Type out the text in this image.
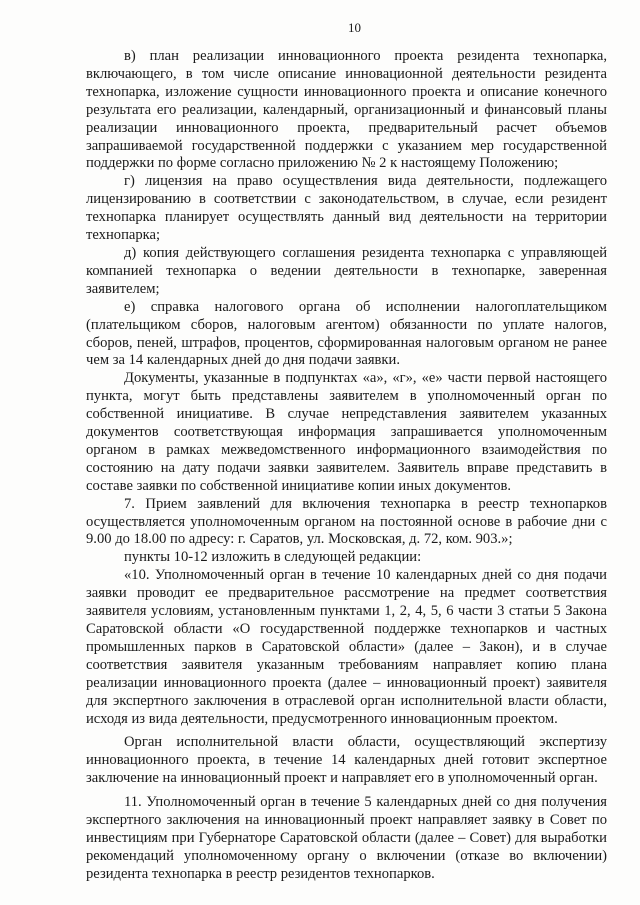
10

в) план реализации инновационного проекта резидента технопарка, включающего, в том числе описание инновационной деятельности резидента технопарка, изложение сущности инновационного проекта и описание конечного результата его реализации, календарный, организационный и финансовый планы реализации инновационного проекта, предварительный расчет объемов запрашиваемой государственной поддержки с указанием мер государственной поддержки по форме согласно приложению № 2 к настоящему Положению;

г) лицензия на право осуществления вида деятельности, подлежащего лицензированию в соответствии с законодательством, в случае, если резидент технопарка планирует осуществлять данный вид деятельности на территории технопарка;

д) копия действующего соглашения резидента технопарка с управляющей компанией технопарка о ведении деятельности в технопарке, заверенная заявителем;

е) справка налогового органа об исполнении налогоплательщиком (плательщиком сборов, налоговым агентом) обязанности по уплате налогов, сборов, пеней, штрафов, процентов, сформированная налоговым органом не ранее чем за 14 календарных дней до дня подачи заявки.

Документы, указанные в подпунктах «а», «г», «е» части первой настоящего пункта, могут быть представлены заявителем в уполномоченный орган по собственной инициативе. В случае непредставления заявителем указанных документов соответствующая информация запрашивается уполномоченным органом в рамках межведомственного информационного взаимодействия по состоянию на дату подачи заявки заявителем. Заявитель вправе представить в составе заявки по собственной инициативе копии иных документов.

7. Прием заявлений для включения технопарка в реестр технопарков осуществляется уполномоченным органом на постоянной основе в рабочие дни с 9.00 до 18.00 по адресу: г. Саратов, ул. Московская, д. 72, ком. 903.»;

пункты 10-12 изложить в следующей редакции:

«10. Уполномоченный орган в течение 10 календарных дней со дня подачи заявки проводит ее предварительное рассмотрение на предмет соответствия заявителя условиям, установленным пунктами 1, 2, 4, 5, 6 части 3 статьи 5 Закона Саратовской области «О государственной поддержке технопарков и частных промышленных парков в Саратовской области» (далее – Закон), и в случае соответствия заявителя указанным требованиям направляет копию плана реализации инновационного проекта (далее – инновационный проект) заявителя для экспертного заключения в отраслевой орган исполнительной власти области, исходя из вида деятельности, предусмотренного инновационным проектом.

Орган исполнительной власти области, осуществляющий экспертизу инновационного проекта, в течение 14 календарных дней готовит экспертное заключение на инновационный проект и направляет его в уполномоченный орган.

11. Уполномоченный орган в течение 5 календарных дней со дня получения экспертного заключения на инновационный проект направляет заявку в Совет по инвестициям при Губернаторе Саратовской области (далее – Совет) для выработки рекомендаций уполномоченному органу о включении (отказе во включении) резидента технопарка в реестр резидентов технопарков.
